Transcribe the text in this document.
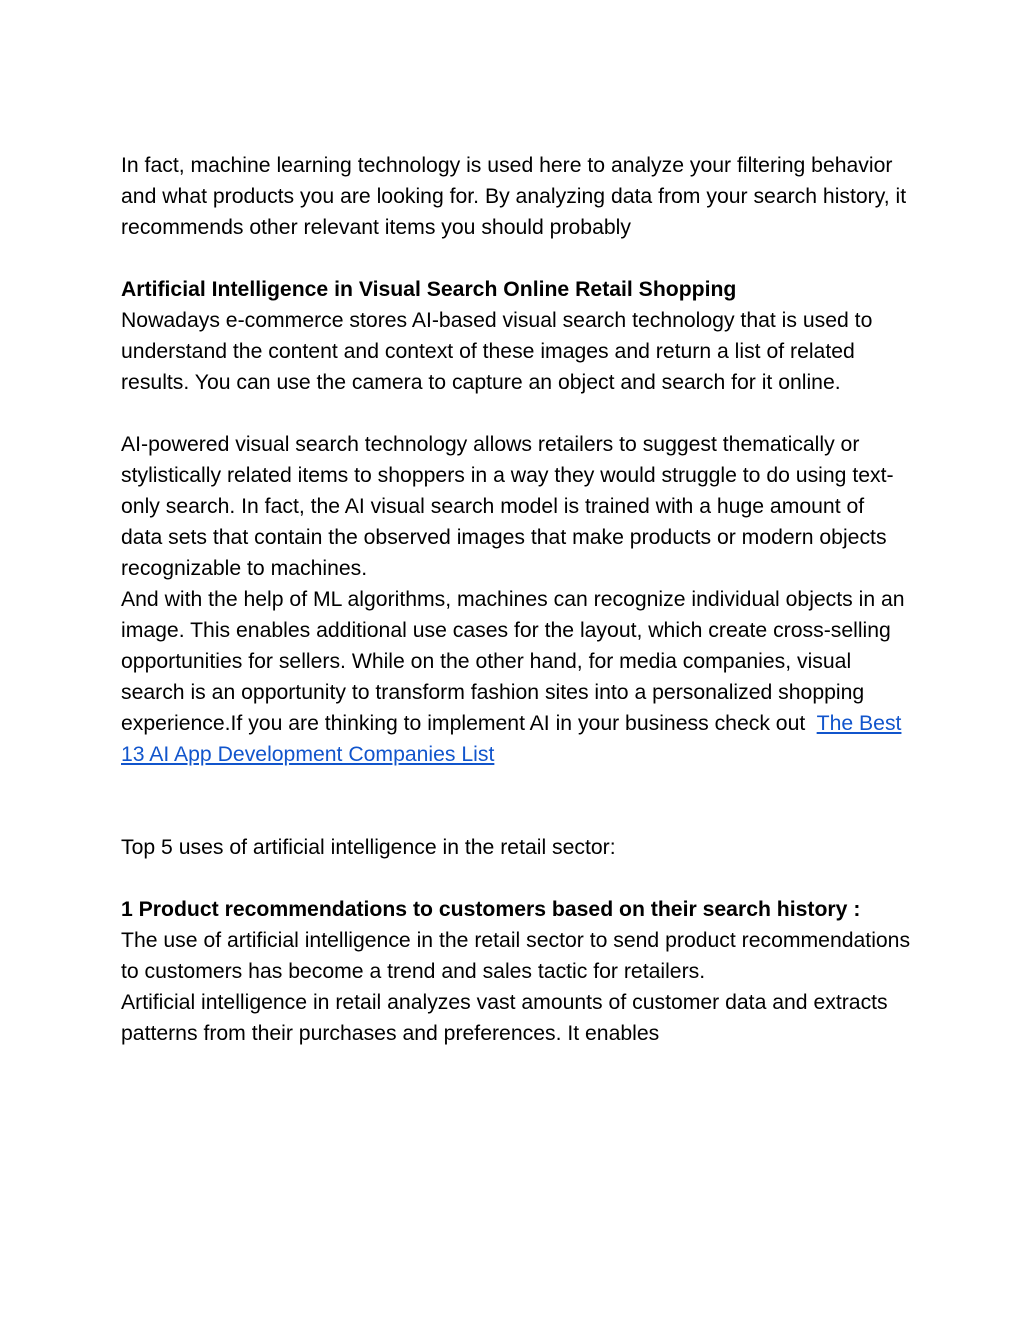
In fact, machine learning technology is used here to analyze your filtering behavior and what products you are looking for. By analyzing data from your search history, it recommends other relevant items you should probably

Artificial Intelligence in Visual Search Online Retail Shopping

Nowadays e-commerce stores AI-based visual search technology that is used to understand the content and context of these images and return a list of related results. You can use the camera to capture an object and search for it online.

AI-powered visual search technology allows retailers to suggest thematically or stylistically related items to shoppers in a way they would struggle to do using text-only search. In fact, the AI visual search model is trained with a huge amount of data sets that contain the observed images that make products or modern objects recognizable to machines.

And with the help of ML algorithms, machines can recognize individual objects in an image. This enables additional use cases for the layout, which create cross-selling opportunities for sellers. While on the other hand, for media companies, visual search is an opportunity to transform fashion sites into a personalized shopping experience.If you are thinking to implement AI in your business check out The Best 13 AI App Development Companies List

Top 5 uses of artificial intelligence in the retail sector:

1 Product recommendations to customers based on their search history :

The use of artificial intelligence in the retail sector to send product recommendations to customers has become a trend and sales tactic for retailers.

Artificial intelligence in retail analyzes vast amounts of customer data and extracts patterns from their purchases and preferences. It enables
